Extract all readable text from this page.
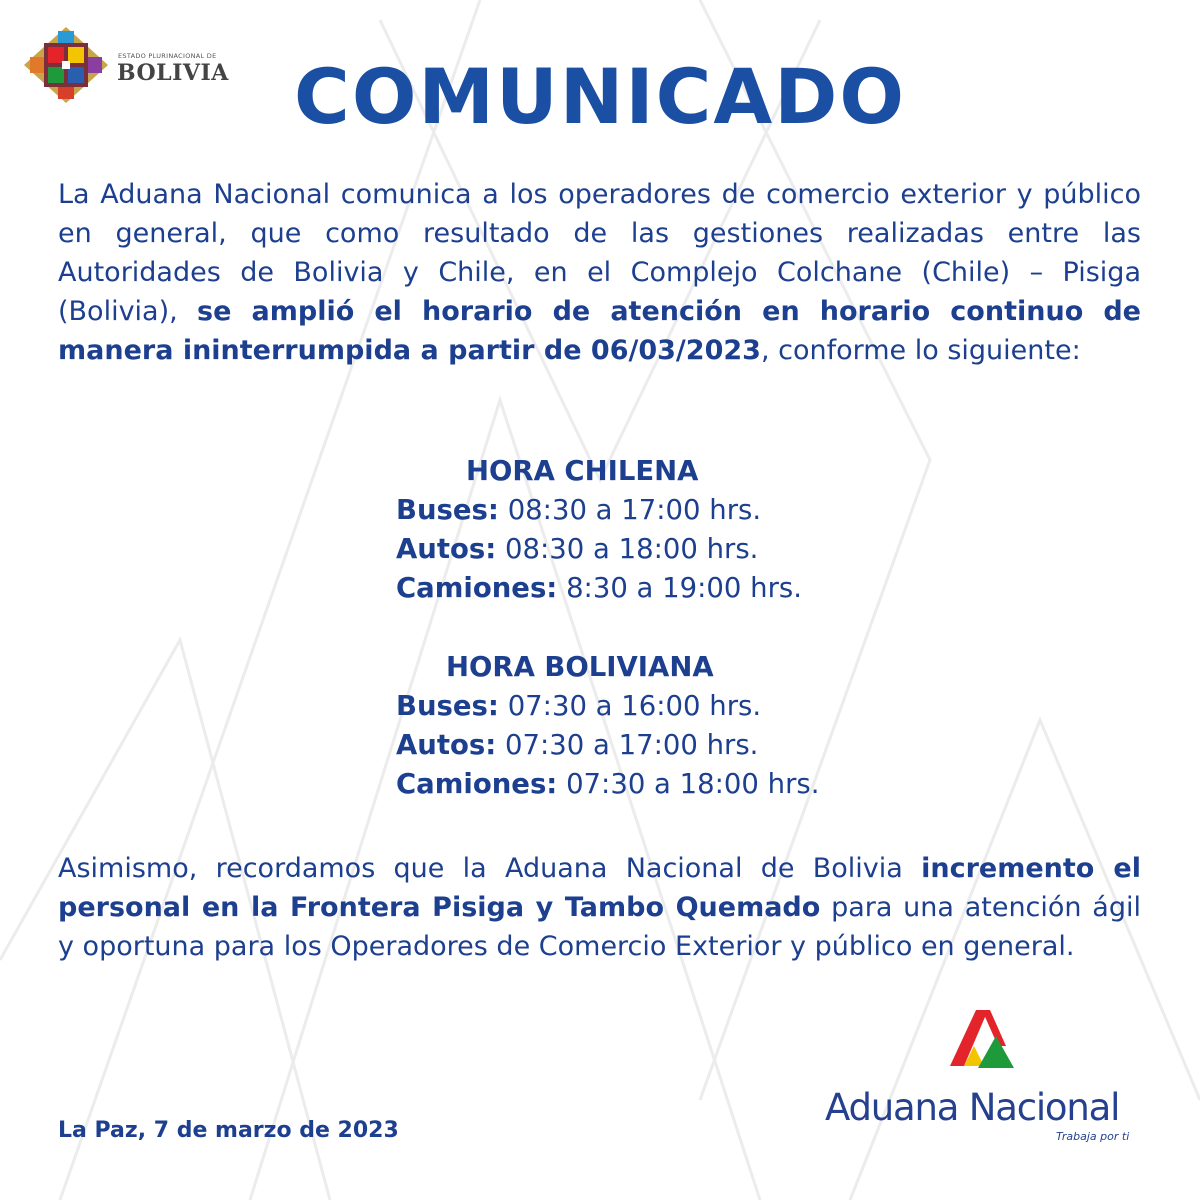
ESTADO PLURINACIONAL DE
BOLIVIA COMUNICADO

La Aduana Nacional comunica a los operadores de comercio exterior y público en general, que como resultado de las gestiones realizadas entre las Autoridades de Bolivia y Chile, en el Complejo Colchane (Chile) – Pisiga (Bolivia), se amplió el horario de atención en horario continuo de manera ininterrumpida a partir de 06/03/2023, conforme lo siguiente:

HORA CHILENA
Buses: 08:30 a 17:00 hrs.
Autos: 08:30 a 18:00 hrs.
Camiones: 8:30 a 19:00 hrs.
HORA BOLIVIANA
Buses: 07:30 a 16:00 hrs.
Autos: 07:30 a 17:00 hrs.
Camiones: 07:30 a 18:00 hrs.

Asimismo, recordamos que la Aduana Nacional de Bolivia incremento el personal en la Frontera Pisiga y Tambo Quemado para una atención ágil y oportuna para los Operadores de Comercio Exterior y público en general.

La Paz, 7 de marzo de 2023
Aduana Nacional
Trabaja por ti
